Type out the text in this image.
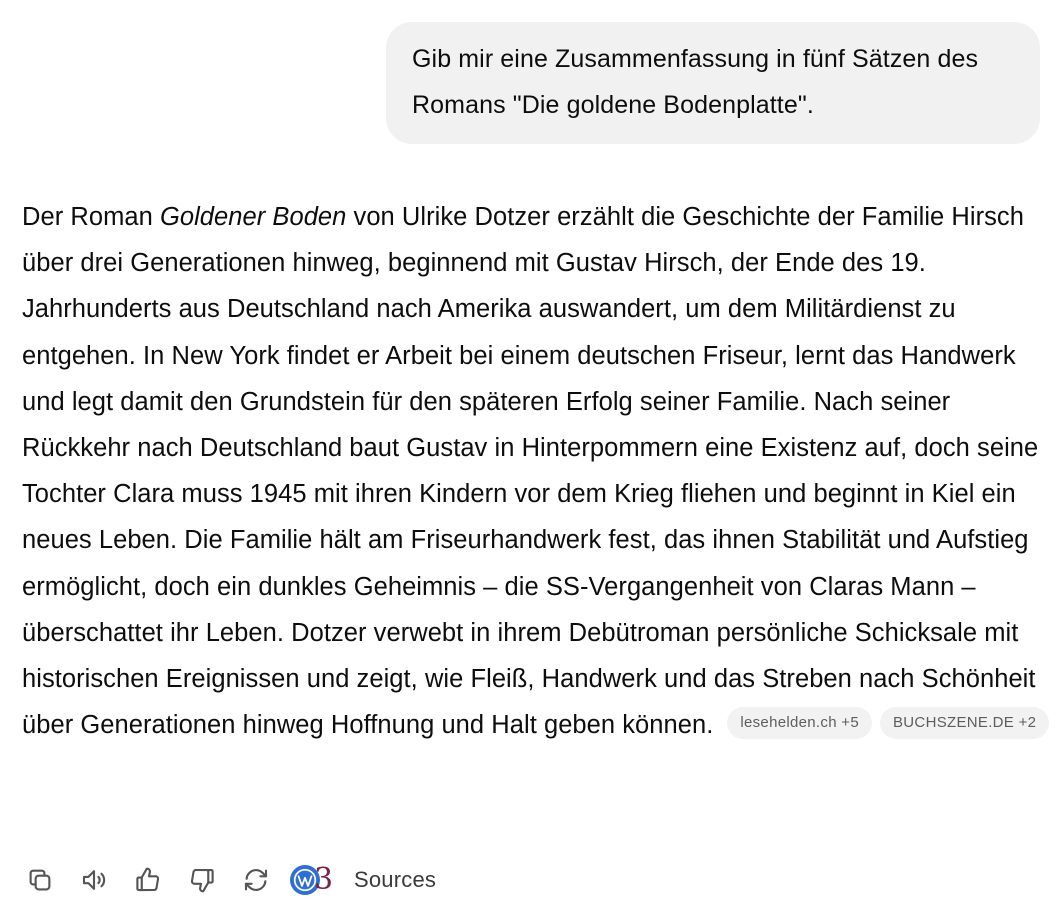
Gib mir eine Zusammenfassung in fünf Sätzen des Romans "Die goldene Bodenplatte".
Der Roman Goldener Boden von Ulrike Dotzer erzählt die Geschichte der Familie Hirsch über drei Generationen hinweg, beginnend mit Gustav Hirsch, der Ende des 19. Jahrhunderts aus Deutschland nach Amerika auswandert, um dem Militärdienst zu entgehen. In New York findet er Arbeit bei einem deutschen Friseur, lernt das Handwerk und legt damit den Grundstein für den späteren Erfolg seiner Familie. Nach seiner Rückkehr nach Deutschland baut Gustav in Hinterpommern eine Existenz auf, doch seine Tochter Clara muss 1945 mit ihren Kindern vor dem Krieg fliehen und beginnt in Kiel ein neues Leben. Die Familie hält am Friseurhandwerk fest, das ihnen Stabilität und Aufstieg ermöglicht, doch ein dunkles Geheimnis – die SS-Vergangenheit von Claras Mann – überschattet ihr Leben. Dotzer verwebt in ihrem Debütroman persönliche Schicksale mit historischen Ereignissen und zeigt, wie Fleiß, Handwerk und das Streben nach Schönheit über Generationen hinweg Hoffnung und Halt geben können. lesehelden.ch +5 BUCHSZENE.DE +2
3 Sources
